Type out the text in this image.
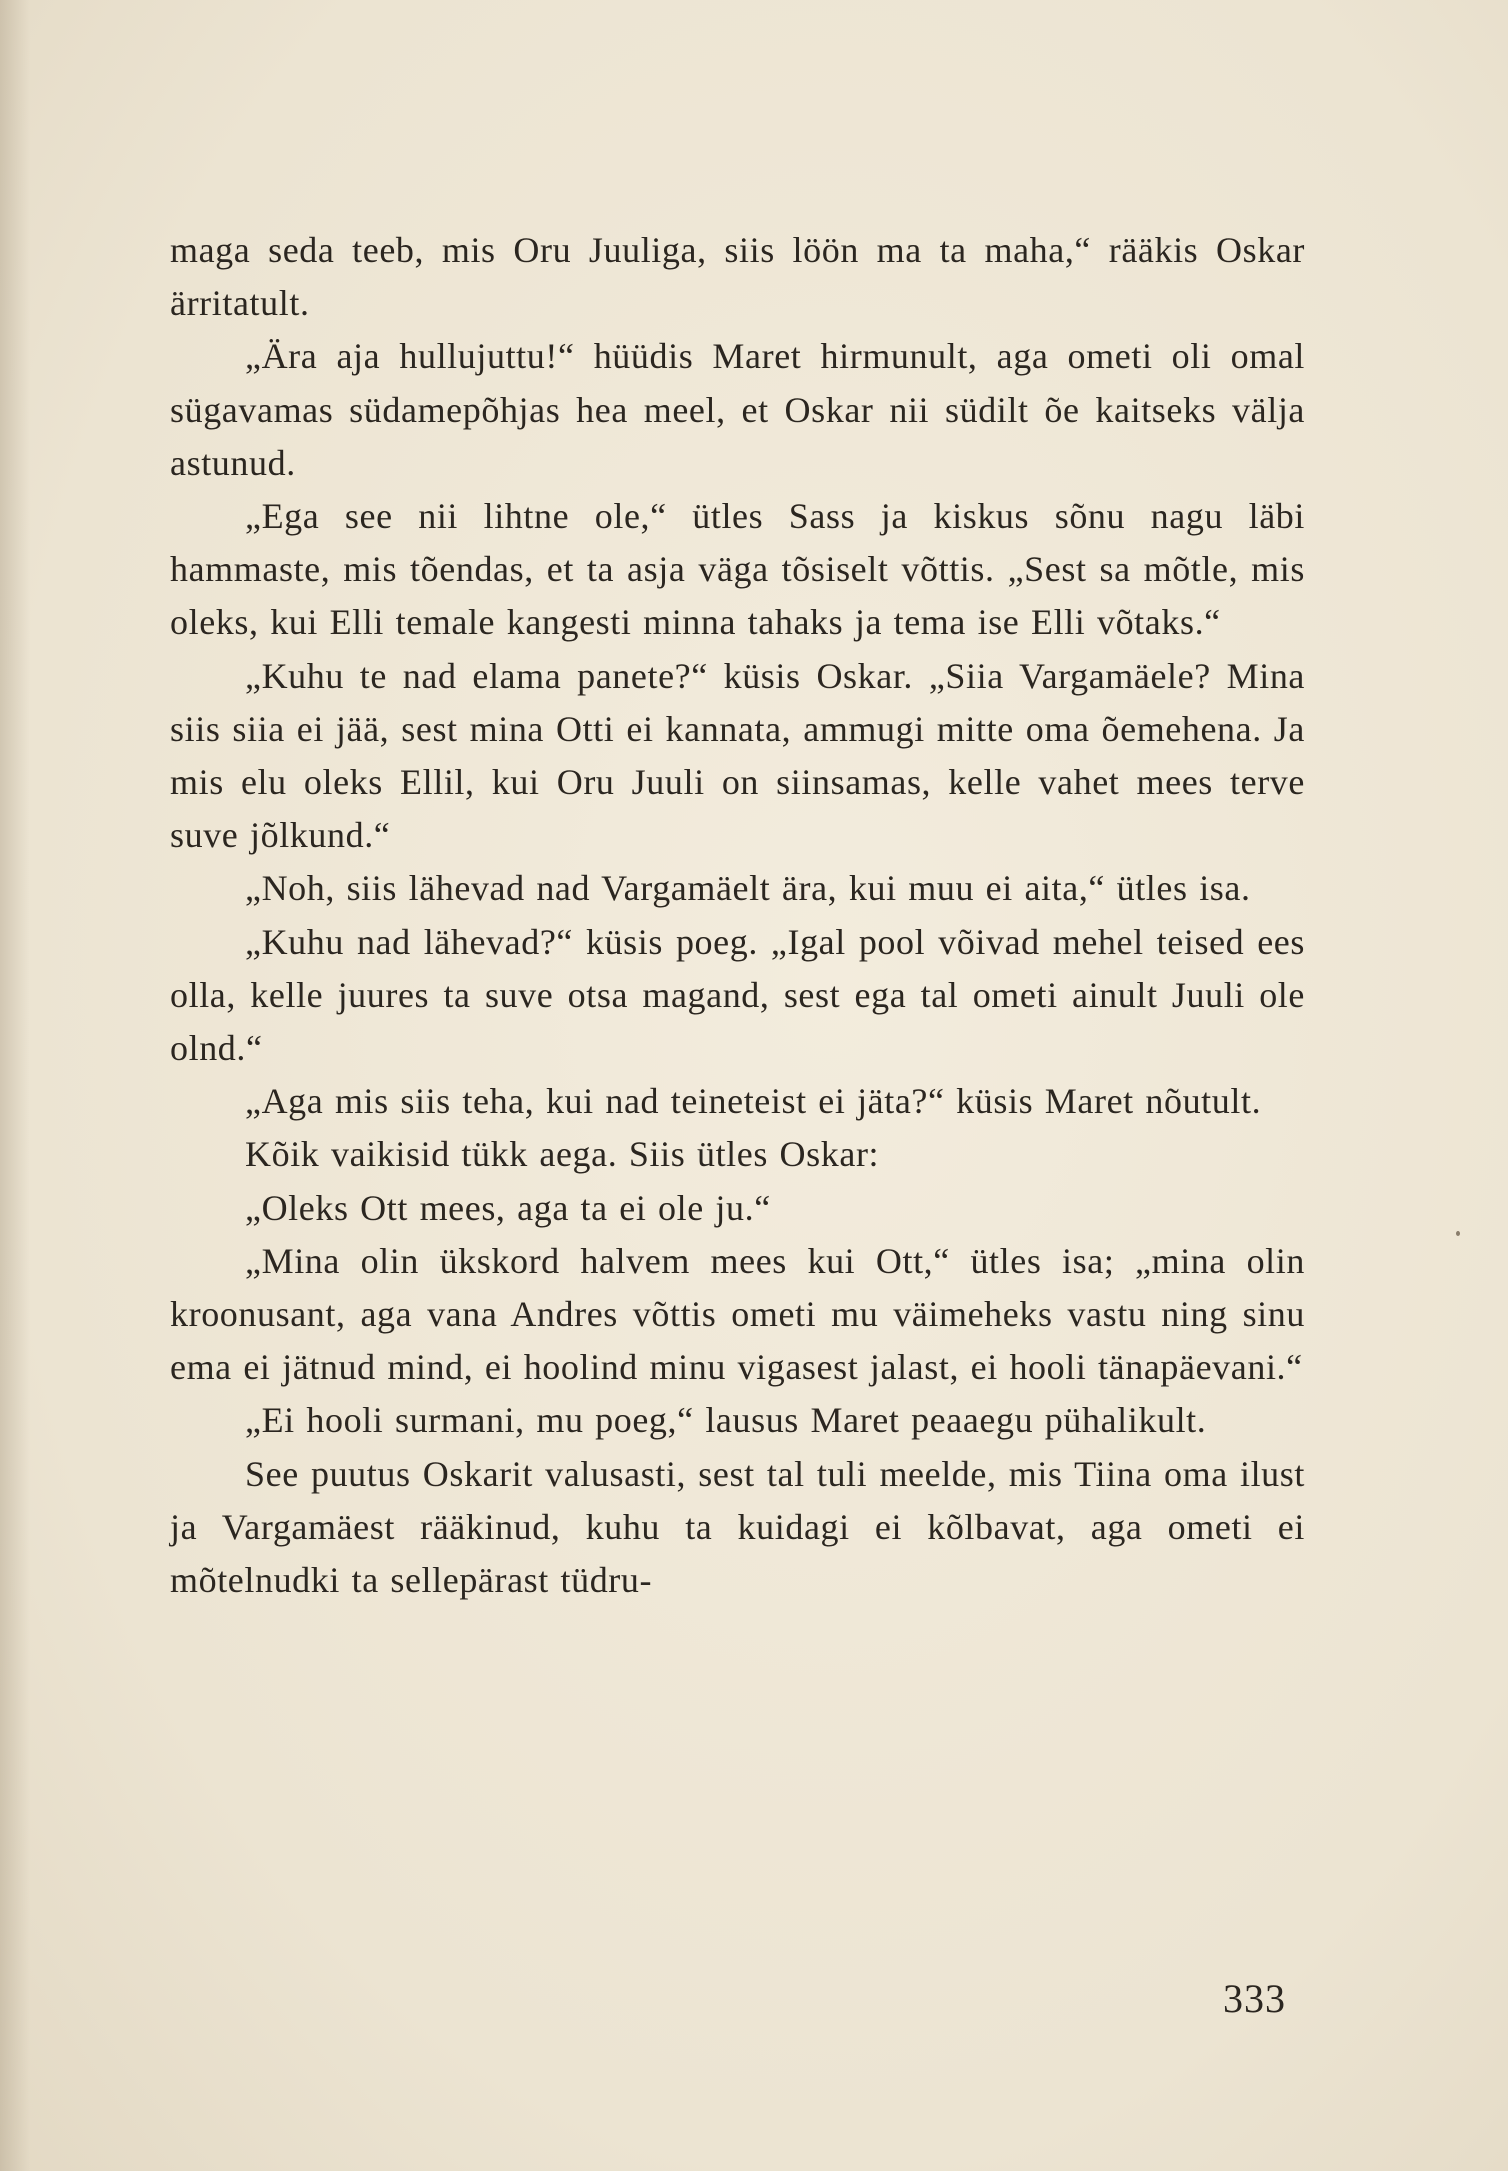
maga seda teeb, mis Oru Juuliga, siis löön ma ta maha,“ rääkis Oskar ärritatult.

„Ära aja hullujuttu!“ hüüdis Maret hirmunult, aga ometi oli omal sügavamas südamepõhjas hea meel, et Oskar nii südilt õe kaitseks välja astunud.

„Ega see nii lihtne ole,“ ütles Sass ja kiskus sõnu nagu läbi hammaste, mis tõendas, et ta asja väga tõsiselt võttis. „Sest sa mõtle, mis oleks, kui Elli temale kangesti minna tahaks ja tema ise Elli võtaks.“

„Kuhu te nad elama panete?“ küsis Oskar. „Siia Vargamäele? Mina siis siia ei jää, sest mina Otti ei kannata, ammugi mitte oma õemehena. Ja mis elu oleks Ellil, kui Oru Juuli on siinsamas, kelle vahet mees terve suve jõlkund.“

„Noh, siis lähevad nad Vargamäelt ära, kui muu ei aita,“ ütles isa.

„Kuhu nad lähevad?“ küsis poeg. „Igal pool võivad mehel teised ees olla, kelle juures ta suve otsa magand, sest ega tal ometi ainult Juuli ole olnd.“

„Aga mis siis teha, kui nad teineteist ei jäta?“ küsis Maret nõutult.

Kõik vaikisid tükk aega. Siis ütles Oskar:

„Oleks Ott mees, aga ta ei ole ju.“

„Mina olin ükskord halvem mees kui Ott,“ ütles isa; „mina olin kroonusant, aga vana Andres võttis ometi mu väimeheks vastu ning sinu ema ei jätnud mind, ei hoolind minu vigasest jalast, ei hooli tänapäevani.“

„Ei hooli surmani, mu poeg,“ lausus Maret peaaegu pühalikult.

See puutus Oskarit valusasti, sest tal tuli meelde, mis Tiina oma ilust ja Vargamäest rääkinud, kuhu ta kuidagi ei kõlbavat, aga ometi ei mõtelnudki ta sellepärast tüdru-

333
